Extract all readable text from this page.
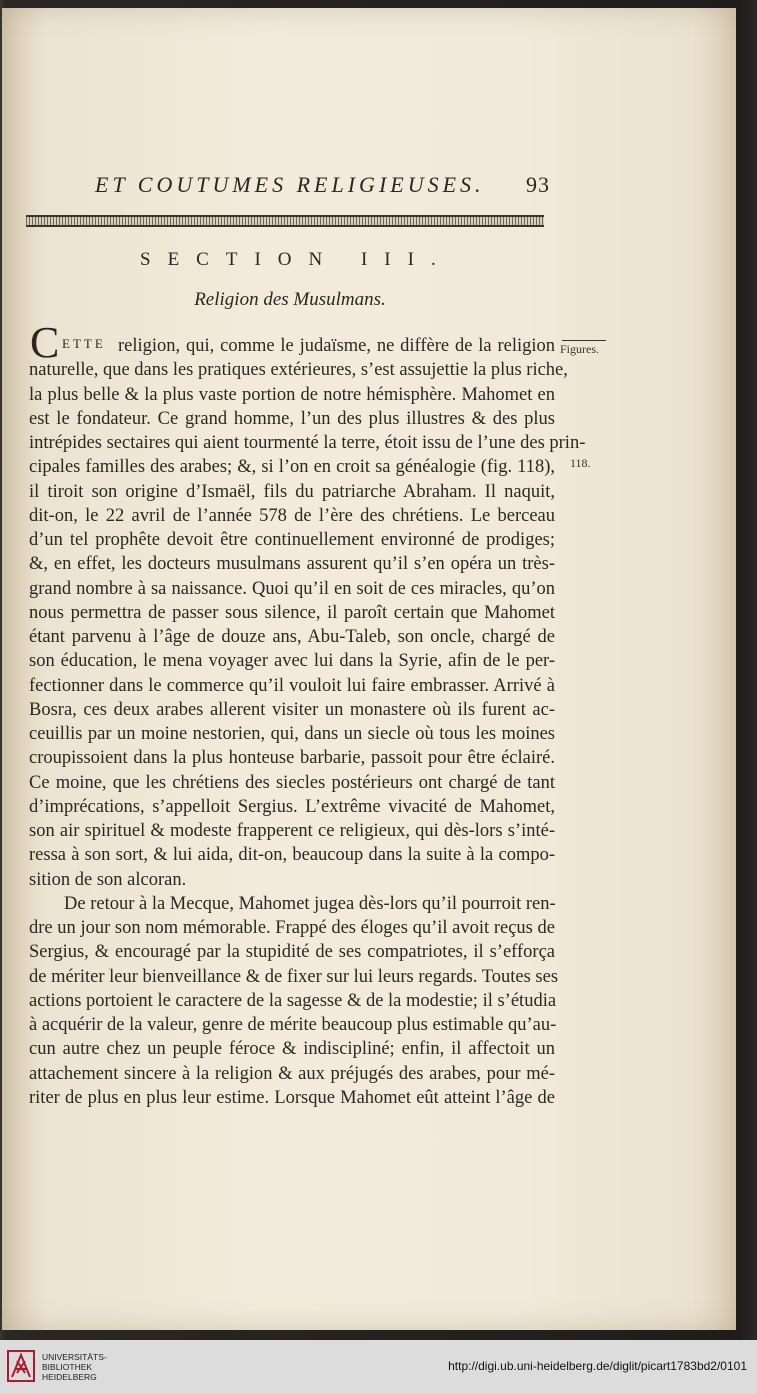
ET COUTUMES RELIGIEUSES. 93
SECTION III.
Religion des Musulmans.
C ETTE religion, qui, comme le judaïsme, ne diffère de la religion
naturelle, que dans les pratiques extérieures, s’est assujettie la plus riche,
la plus belle & la plus vaste portion de notre hémisphère. Mahomet en
est le fondateur. Ce grand homme, l’un des plus illustres & des plus
intrépides sectaires qui aient tourmenté la terre, étoit issu de l’une des prin-
cipales familles des arabes; &, si l’on en croit sa généalogie (fig. 118),
il tiroit son origine d’Ismaël, fils du patriarche Abraham. Il naquit,
dit-on, le 22 avril de l’année 578 de l’ère des chrétiens. Le berceau
d’un tel prophête devoit être continuellement environné de prodiges;
&, en effet, les docteurs musulmans assurent qu’il s’en opéra un très-
grand nombre à sa naissance. Quoi qu’il en soit de ces miracles, qu’on
nous permettra de passer sous silence, il paroît certain que Mahomet
étant parvenu à l’âge de douze ans, Abu-Taleb, son oncle, chargé de
son éducation, le mena voyager avec lui dans la Syrie, afin de le per-
fectionner dans le commerce qu’il vouloit lui faire embrasser. Arrivé à
Bosra, ces deux arabes allerent visiter un monastere où ils furent ac-
ceuillis par un moine nestorien, qui, dans un siecle où tous les moines
croupissoient dans la plus honteuse barbarie, passoit pour être éclairé.
Ce moine, que les chrétiens des siecles postérieurs ont chargé de tant
d’imprécations, s’appelloit Sergius. L’extrême vivacité de Mahomet,
son air spirituel & modeste frapperent ce religieux, qui dès-lors s’inté-
ressa à son sort, & lui aida, dit-on, beaucoup dans la suite à la compo-
sition de son alcoran.
De retour à la Mecque, Mahomet jugea dès-lors qu’il pourroit ren-
dre un jour son nom mémorable. Frappé des éloges qu’il avoit reçus de
Sergius, & encouragé par la stupidité de ses compatriotes, il s’efforça
de mériter leur bienveillance & de fixer sur lui leurs regards. Toutes ses
actions portoient le caractere de la sagesse & de la modestie; il s’étudia
à acquérir de la valeur, genre de mérite beaucoup plus estimable qu’au-
cun autre chez un peuple féroce & indiscipliné; enfin, il affectoit un
attachement sincere à la religion & aux préjugés des arabes, pour mé-
riter de plus en plus leur estime. Lorsque Mahomet eût atteint l’âge de
Figures.
118.
UNIVERSITÄTS-
BIBLIOTHEK
HEIDELBERG
http://digi.ub.uni-heidelberg.de/diglit/picart1783bd2/0101
